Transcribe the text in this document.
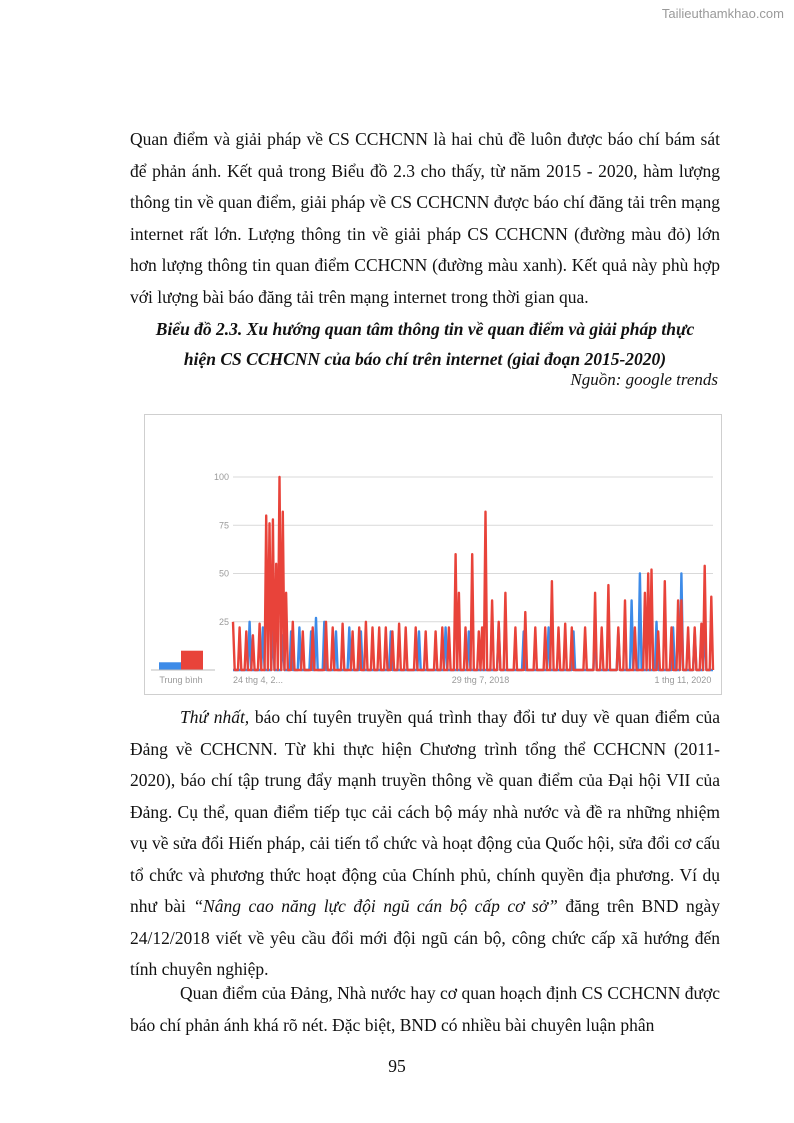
Tailieuthamkhao.com

Quan điểm và giải pháp về CS CCHCNN là hai chủ đề luôn được báo chí bám sát để phản ánh. Kết quả trong Biểu đồ 2.3 cho thấy, từ năm 2015 - 2020, hàm lượng thông tin về quan điểm, giải pháp về CS CCHCNN được báo chí đăng tải trên mạng internet rất lớn. Lượng thông tin về giải pháp CS CCHCNN (đường màu đỏ) lớn hơn lượng thông tin quan điểm CCHCNN (đường màu xanh). Kết quả này phù hợp với lượng bài báo đăng tải trên mạng internet trong thời gian qua.

Biểu đồ 2.3. Xu hướng quan tâm thông tin về quan điểm và giải pháp thực
hiện CS CCHCNN của báo chí trên internet (giai đoạn 2015-2020)

Nguồn: google trends
100
75
50
25
Trung bình	24 thg 4, 2...	29 thg 7, 2018	1 thg 11, 2020

Thứ nhất, báo chí tuyên truyền quá trình thay đổi tư duy về quan điểm của Đảng về CCHCNN. Từ khi thực hiện Chương trình tổng thể CCHCNN (2011-2020), báo chí tập trung đẩy mạnh truyền thông về quan điểm của Đại hội VII của Đảng. Cụ thể, quan điểm tiếp tục cải cách bộ máy nhà nước và đề ra những nhiệm vụ về sửa đổi Hiến pháp, cải tiến tổ chức và hoạt động của Quốc hội, sửa đổi cơ cấu tổ chức và phương thức hoạt động của Chính phủ, chính quyền địa phương. Ví dụ như bài “Nâng cao năng lực đội ngũ cán bộ cấp cơ sở” đăng trên BND ngày 24/12/2018 viết về yêu cầu đổi mới đội ngũ cán bộ, công chức cấp xã hướng đến tính chuyên nghiệp.

Quan điểm của Đảng, Nhà nước hay cơ quan hoạch định CS CCHCNN được báo chí phản ánh khá rõ nét. Đặc biệt, BND có nhiều bài chuyên luận phân

95
